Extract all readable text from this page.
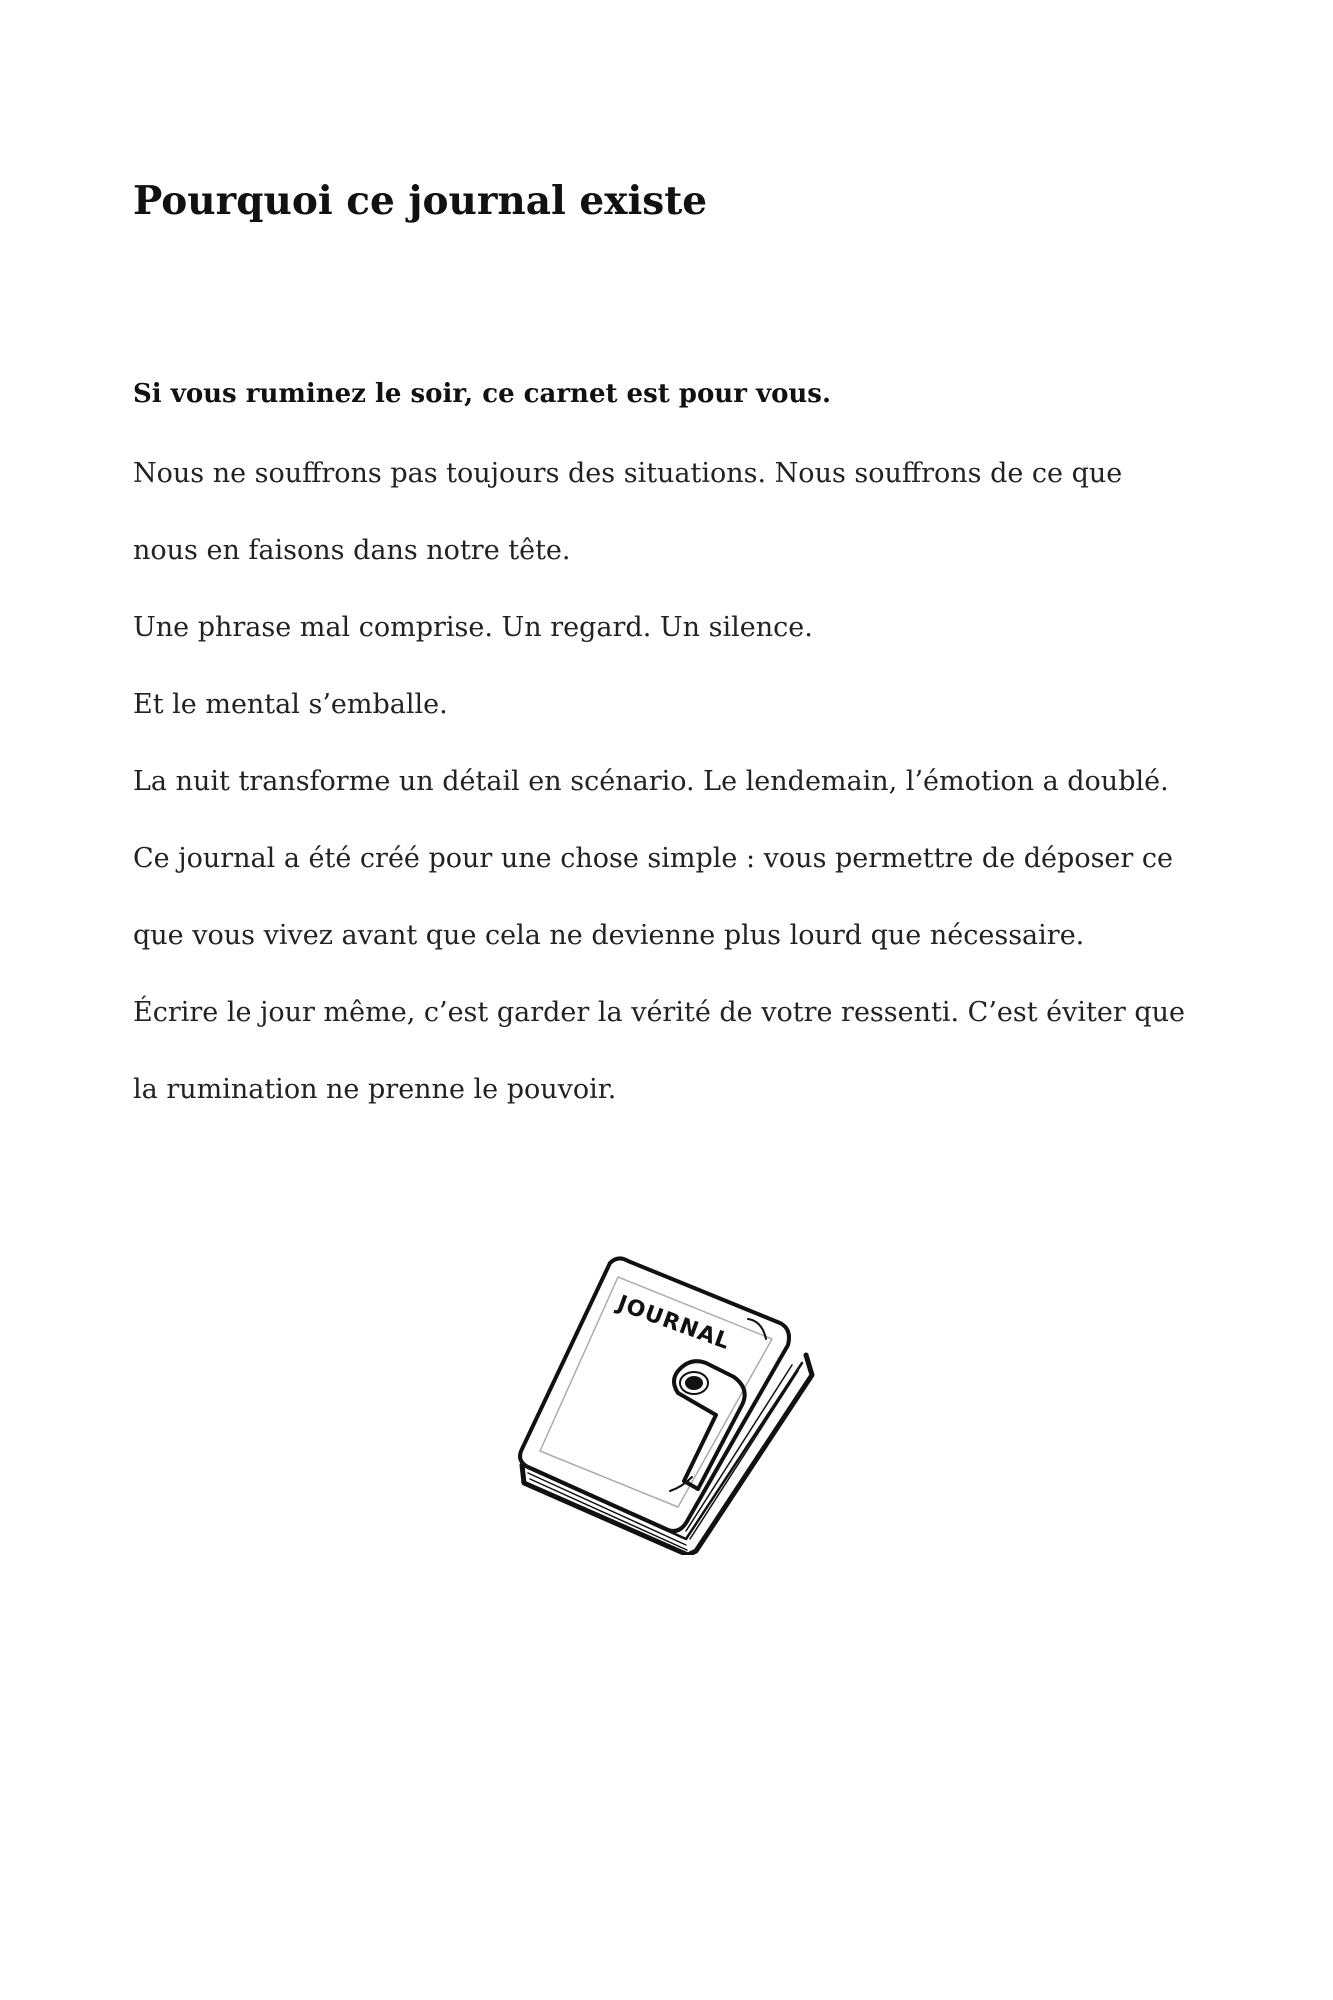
Pourquoi ce journal existe

Si vous ruminez le soir, ce carnet est pour vous.

Nous ne souffrons pas toujours des situations. Nous souffrons de ce que

nous en faisons dans notre tête.

Une phrase mal comprise. Un regard. Un silence.

Et le mental s’emballe.

La nuit transforme un détail en scénario. Le lendemain, l’émotion a doublé.

Ce journal a été créé pour une chose simple : vous permettre de déposer ce

que vous vivez avant que cela ne devienne plus lourd que nécessaire.

Écrire le jour même, c’est garder la vérité de votre ressenti. C’est éviter que

la rumination ne prenne le pouvoir.

JOURNAL
